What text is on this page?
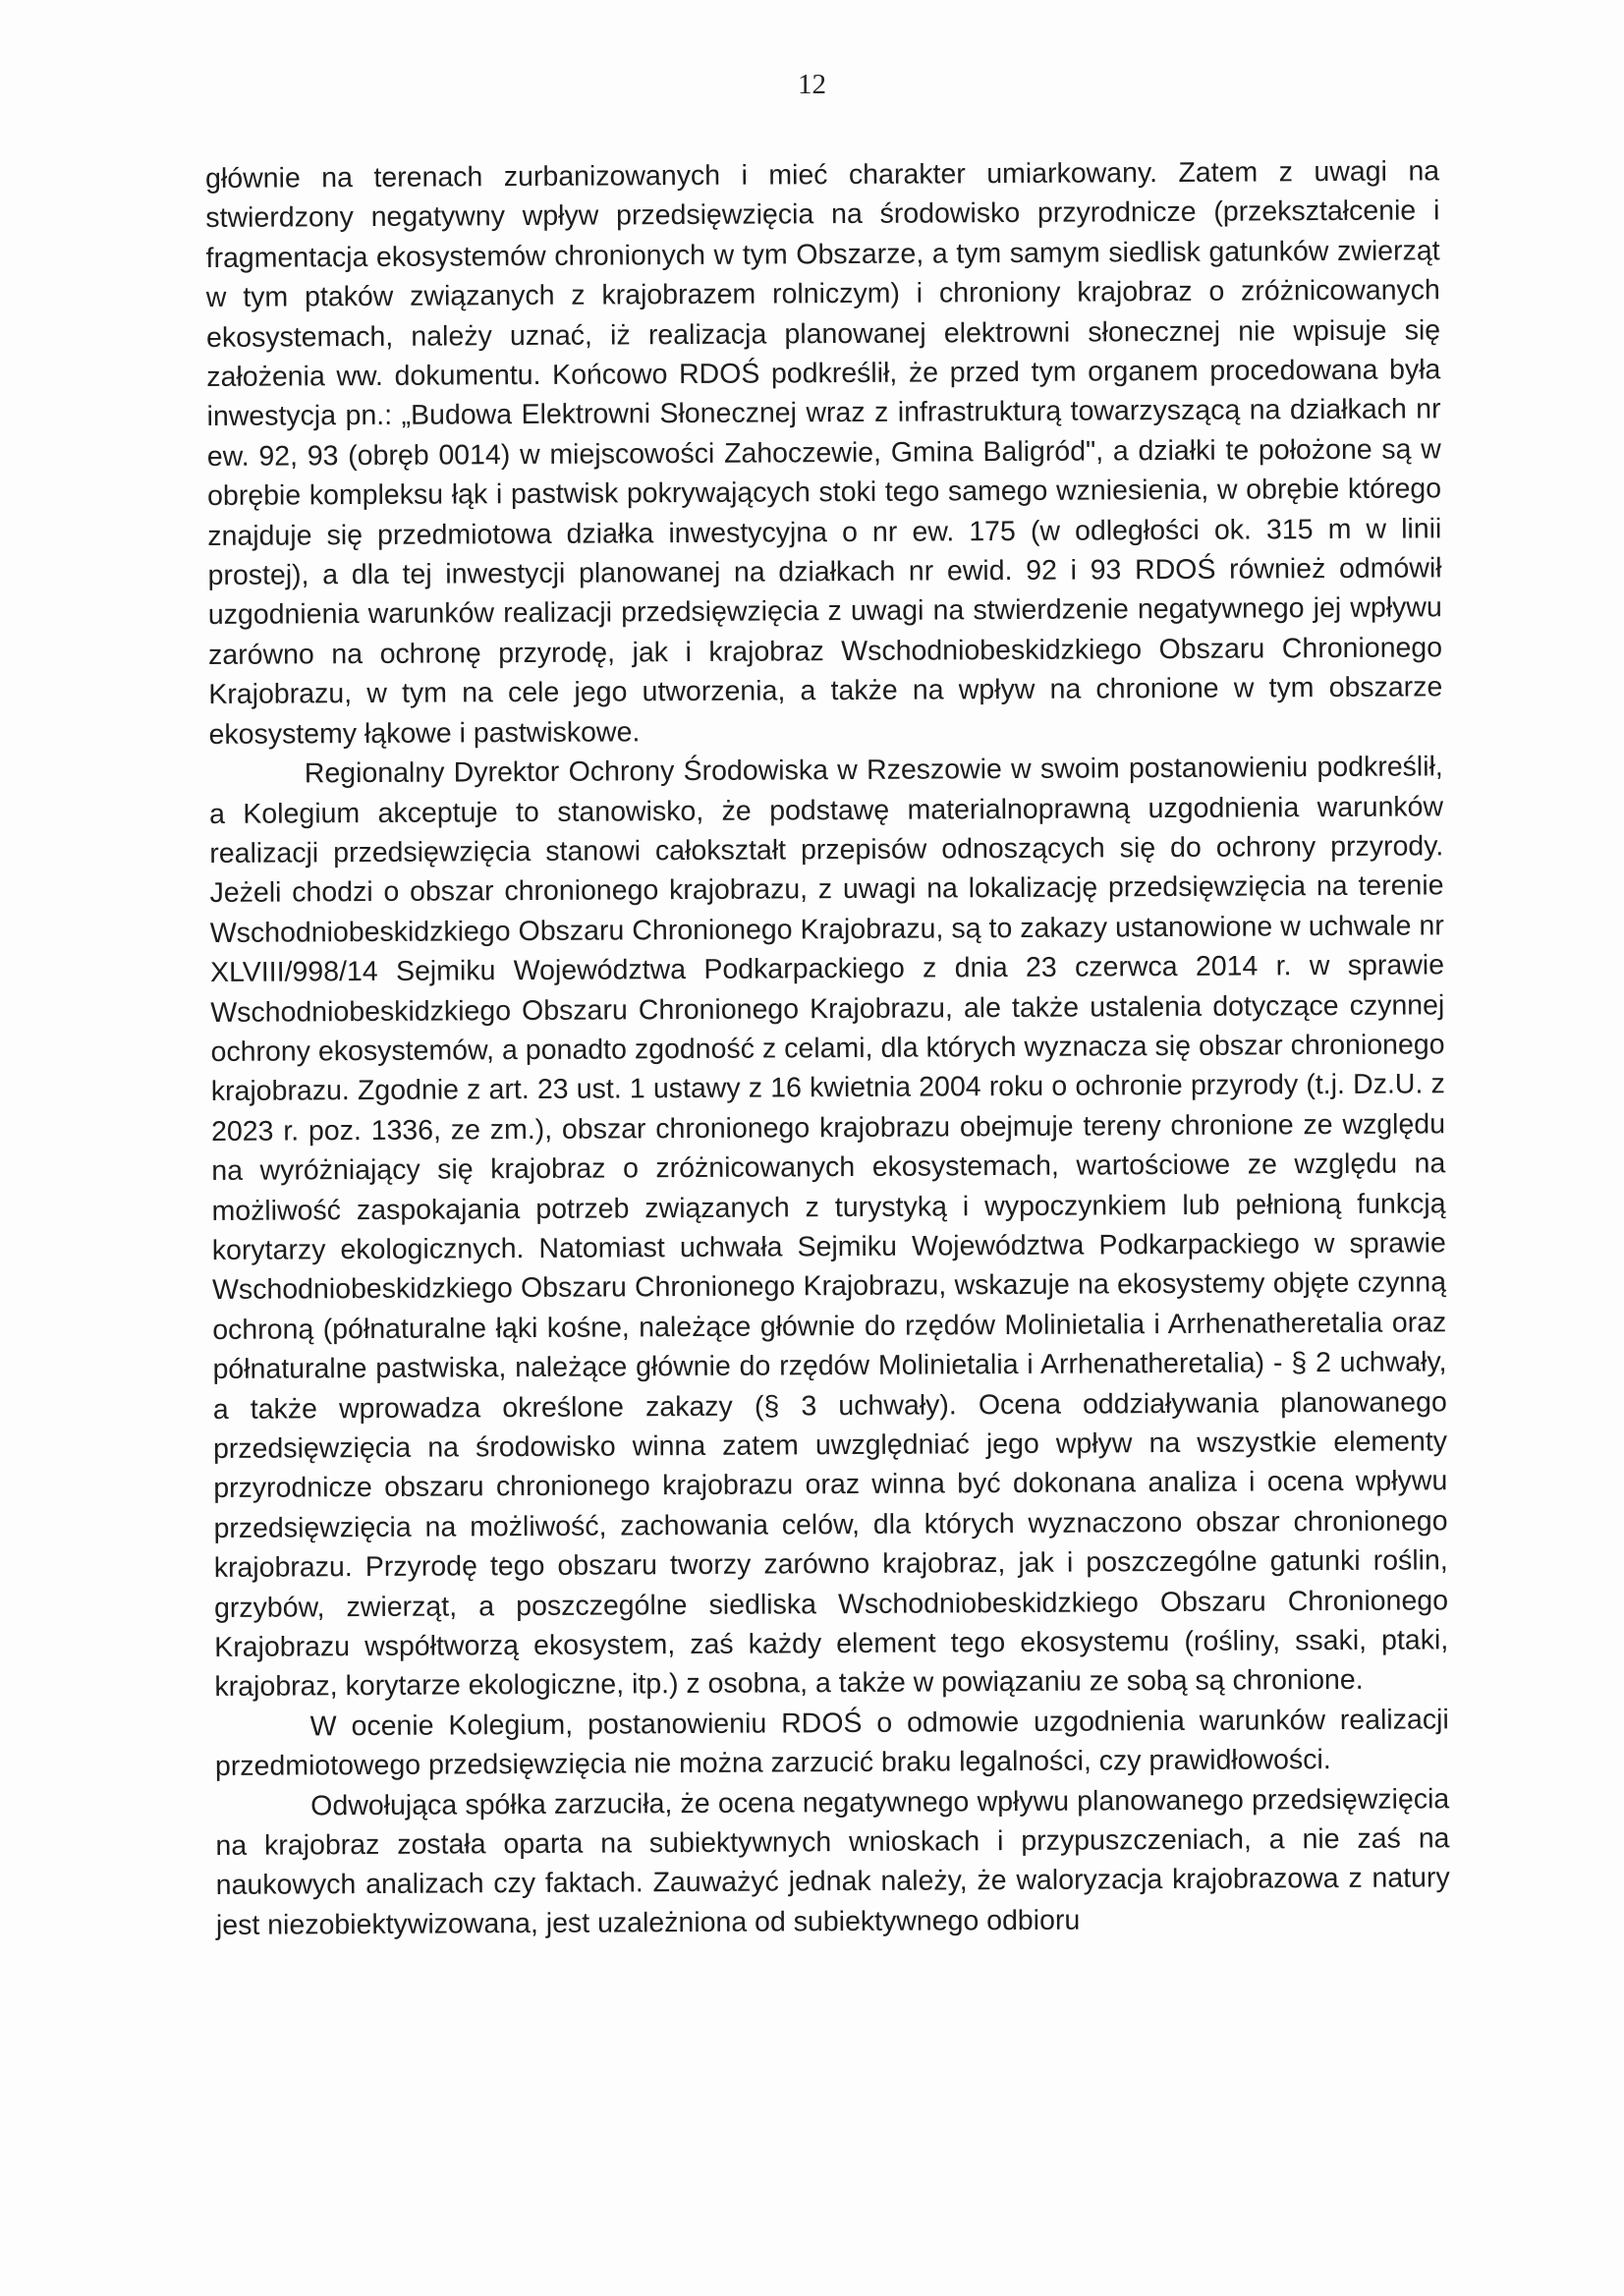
12

głównie na terenach zurbanizowanych i mieć charakter umiarkowany. Zatem z uwagi na stwierdzony negatywny wpływ przedsięwzięcia na środowisko przyrodnicze (przekształcenie i fragmentacja ekosystemów chronionych w tym Obszarze, a tym samym siedlisk gatunków zwierząt w tym ptaków związanych z krajobrazem rolniczym) i chroniony krajobraz o zróżnicowanych ekosystemach, należy uznać, iż realizacja planowanej elektrowni słonecznej nie wpisuje się założenia ww. dokumentu. Końcowo RDOŚ podkreślił, że przed tym organem procedowana była inwestycja pn.: „Budowa Elektrowni Słonecznej wraz z infrastrukturą towarzyszącą na działkach nr ew. 92, 93 (obręb 0014) w miejscowości Zahoczewie, Gmina Baligród", a działki te położone są w obrębie kompleksu łąk i pastwisk pokrywających stoki tego samego wzniesienia, w obrębie którego znajduje się przedmiotowa działka inwestycyjna o nr ew. 175 (w odległości ok. 315 m w linii prostej), a dla tej inwestycji planowanej na działkach nr ewid. 92 i 93 RDOŚ również odmówił uzgodnienia warunków realizacji przedsięwzięcia z uwagi na stwierdzenie negatywnego jej wpływu zarówno na ochronę przyrodę, jak i krajobraz Wschodniobeskidzkiego Obszaru Chronionego Krajobrazu, w tym na cele jego utworzenia, a także na wpływ na chronione w tym obszarze ekosystemy łąkowe i pastwiskowe.

Regionalny Dyrektor Ochrony Środowiska w Rzeszowie w swoim postanowieniu podkreślił, a Kolegium akceptuje to stanowisko, że podstawę materialnoprawną uzgodnienia warunków realizacji przedsięwzięcia stanowi całokształt przepisów odnoszących się do ochrony przyrody. Jeżeli chodzi o obszar chronionego krajobrazu, z uwagi na lokalizację przedsięwzięcia na terenie Wschodniobeskidzkiego Obszaru Chronionego Krajobrazu, są to zakazy ustanowione w uchwale nr XLVIII/998/14 Sejmiku Województwa Podkarpackiego z dnia 23 czerwca 2014 r. w sprawie Wschodniobeskidzkiego Obszaru Chronionego Krajobrazu, ale także ustalenia dotyczące czynnej ochrony ekosystemów, a ponadto zgodność z celami, dla których wyznacza się obszar chronionego krajobrazu. Zgodnie z art. 23 ust. 1 ustawy z 16 kwietnia 2004 roku o ochronie przyrody (t.j. Dz.U. z 2023 r. poz. 1336, ze zm.), obszar chronionego krajobrazu obejmuje tereny chronione ze względu na wyróżniający się krajobraz o zróżnicowanych ekosystemach, wartościowe ze względu na możliwość zaspokajania potrzeb związanych z turystyką i wypoczynkiem lub pełnioną funkcją korytarzy ekologicznych. Natomiast uchwała Sejmiku Województwa Podkarpackiego w sprawie Wschodniobeskidzkiego Obszaru Chronionego Krajobrazu, wskazuje na ekosystemy objęte czynną ochroną (półnaturalne łąki kośne, należące głównie do rzędów Molinietalia i Arrhenatheretalia oraz półnaturalne pastwiska, należące głównie do rzędów Molinietalia i Arrhenatheretalia) - § 2 uchwały, a także wprowadza określone zakazy (§ 3 uchwały). Ocena oddziaływania planowanego przedsięwzięcia na środowisko winna zatem uwzględniać jego wpływ na wszystkie elementy przyrodnicze obszaru chronionego krajobrazu oraz winna być dokonana analiza i ocena wpływu przedsięwzięcia na możliwość, zachowania celów, dla których wyznaczono obszar chronionego krajobrazu. Przyrodę tego obszaru tworzy zarówno krajobraz, jak i poszczególne gatunki roślin, grzybów, zwierząt, a poszczególne siedliska Wschodniobeskidzkiego Obszaru Chronionego Krajobrazu współtworzą ekosystem, zaś każdy element tego ekosystemu (rośliny, ssaki, ptaki, krajobraz, korytarze ekologiczne, itp.) z osobna, a także w powiązaniu ze sobą są chronione.

W ocenie Kolegium, postanowieniu RDOŚ o odmowie uzgodnienia warunków realizacji przedmiotowego przedsięwzięcia nie można zarzucić braku legalności, czy prawidłowości.

Odwołująca spółka zarzuciła, że ocena negatywnego wpływu planowanego przedsięwzięcia na krajobraz została oparta na subiektywnych wnioskach i przypuszczeniach, a nie zaś na naukowych analizach czy faktach. Zauważyć jednak należy, że waloryzacja krajobrazowa z natury jest niezobiektywizowana, jest uzależniona od subiektywnego odbioru
